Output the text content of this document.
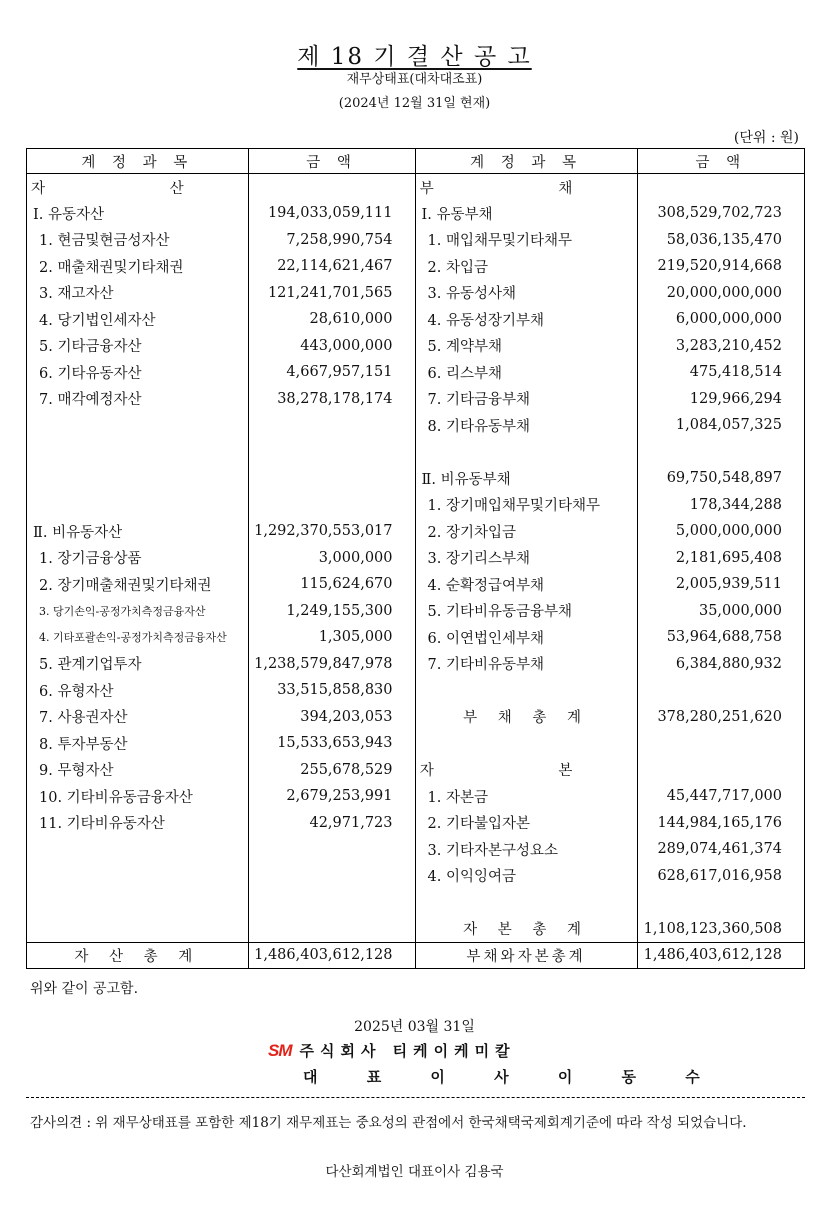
제 18 기 결 산 공 고
재무상태표(대차대조표)
(2024년 12월 31일 현재)
(단위 : 원)
계 정 과 목	금 액	계 정 과 목	금 액
자 산		부 채	
Ⅰ. 유동자산	194,033,059,111	Ⅰ. 유동부채	308,529,702,723
1. 현금및현금성자산	7,258,990,754	1. 매입채무및기타채무	58,036,135,470
2. 매출채권및기타채권	22,114,621,467	2. 차입금	219,520,914,668
3. 재고자산	121,241,701,565	3. 유동성사채	20,000,000,000
4. 당기법인세자산	28,610,000	4. 유동성장기부채	6,000,000,000
5. 기타금융자산	443,000,000	5. 계약부채	3,283,210,452
6. 기타유동자산	4,667,957,151	6. 리스부채	475,418,514
7. 매각예정자산	38,278,178,174	7. 기타금융부채	129,966,294
		8. 기타유동부채	1,084,057,325

		Ⅱ. 비유동부채	69,750,548,897
		1. 장기매입채무및기타채무	178,344,288
Ⅱ. 비유동자산	1,292,370,553,017	2. 장기차입금	5,000,000,000
1. 장기금융상품	3,000,000	3. 장기리스부채	2,181,695,408
2. 장기매출채권및기타채권	115,624,670	4. 순확정급여부채	2,005,939,511
3. 당기손익-공정가치측정금융자산	1,249,155,300	5. 기타비유동금융부채	35,000,000
4. 기타포괄손익-공정가치측정금융자산	1,305,000	6. 이연법인세부채	53,964,688,758
5. 관계기업투자	1,238,579,847,978	7. 기타비유동부채	6,384,880,932
6. 유형자산	33,515,858,830		
7. 사용권자산	394,203,053	부 채 총 계	378,280,251,620
8. 투자부동산	15,533,653,943		
9. 무형자산	255,678,529	자 본	
10. 기타비유동금융자산	2,679,253,991	1. 자본금	45,447,717,000
11. 기타비유동자산	42,971,723	2. 기타불입자본	144,984,165,176
		3. 기타자본구성요소	289,074,461,374
		4. 이익잉여금	628,617,016,958

		자 본 총 계	1,108,123,360,508
자 산 총 계	1,486,403,612,128	부채와자본총계	1,486,403,612,128
위와 같이 공고함.
2025년 03월 31일
SM 주식회사 티케이케미칼
대 표 이 사 이 동 수
감사의견 : 위 재무상태표를 포함한 제18기 재무제표는 중요성의 관점에서 한국채택국제회계기준에 따라 작성 되었습니다.
다산회계법인 대표이사 김용국
